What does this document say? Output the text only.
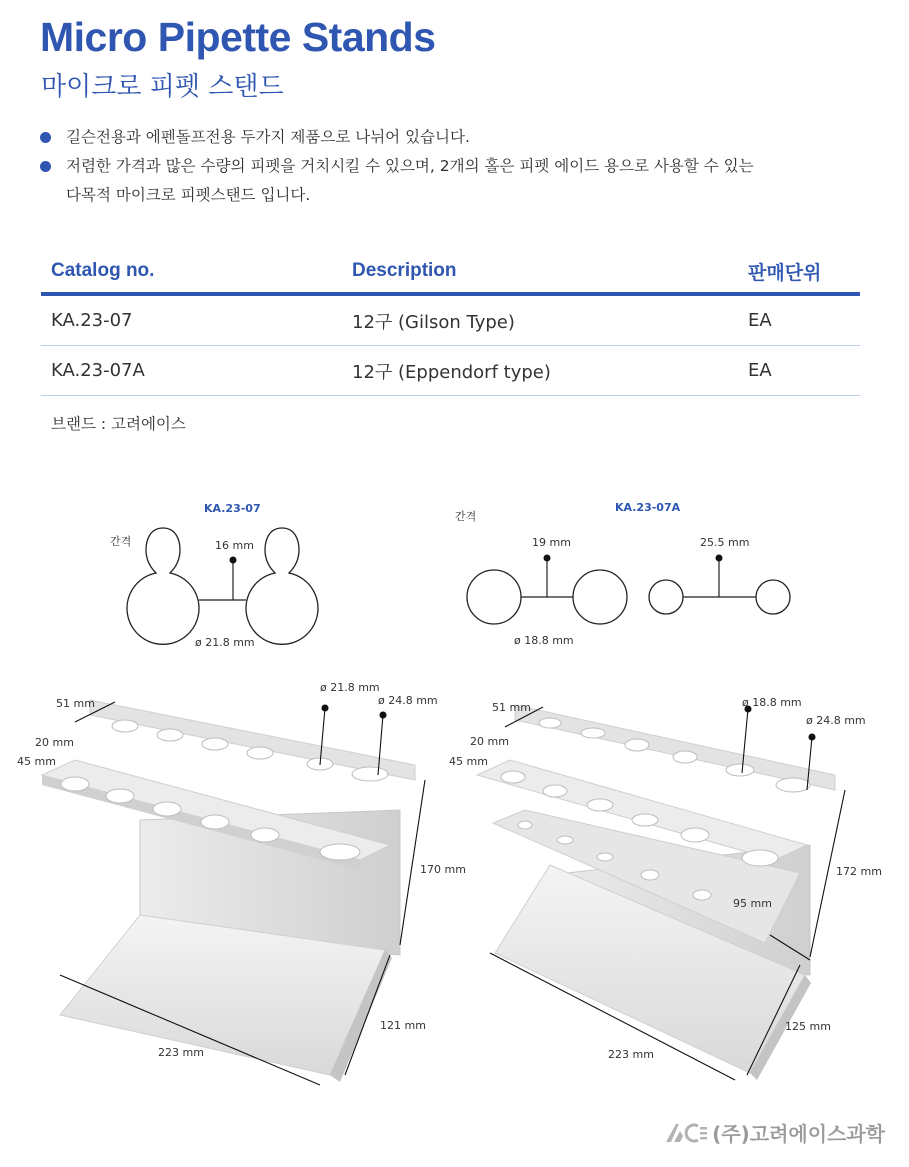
Micro Pipette Stands
마이크로 피펫 스탠드
길슨전용과 에펜돌프전용 두가지 제품으로 나뉘어 있습니다.
저렴한 가격과 많은 수량의 피펫을 거치시킬 수 있으며, 2개의 홀은 피펫 에이드 용으로 사용할 수 있는
다목적 마이크로 피펫스탠드 입니다.
Catalog no.	Description	판매단위
KA.23-07	12구 (Gilson Type)	EA
KA.23-07A	12구 (Eppendorf type)	EA
브랜드 : 고려에이스
KA.23-07
간격	16 mm
ø 21.8 mm
KA.23-07A
간격
19 mm	25.5 mm
ø 18.8 mm
51 mm
20 mm
45 mm
ø 21.8 mm
ø 24.8 mm
170 mm
121 mm
223 mm
51 mm
20 mm
45 mm
ø 18.8 mm
ø 24.8 mm
172 mm
95 mm
125 mm
223 mm
(주)고려에이스과학
